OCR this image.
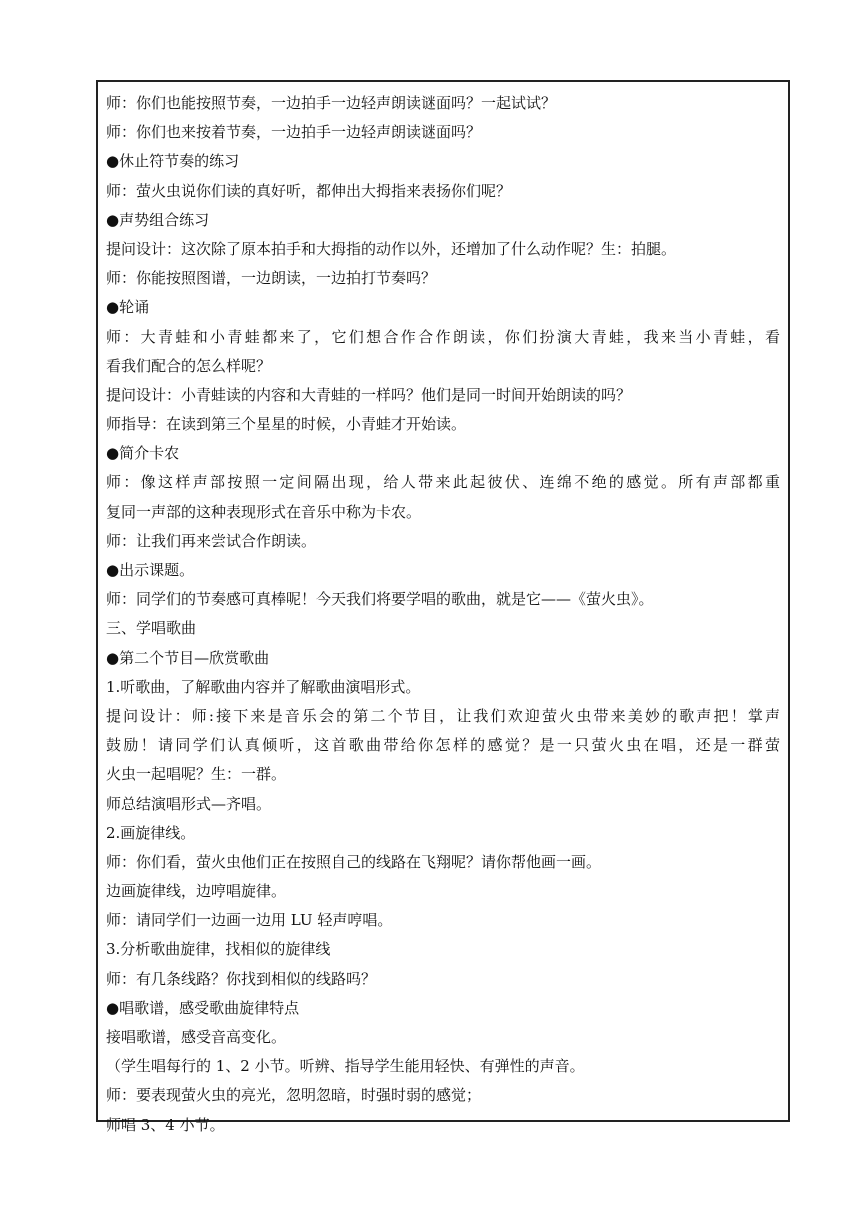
师：你们也能按照节奏，一边拍手一边轻声朗读谜面吗？一起试试？
师：你们也来按着节奏，一边拍手一边轻声朗读谜面吗？
●休止符节奏的练习
师：萤火虫说你们读的真好听，都伸出大拇指来表扬你们呢？
●声势组合练习
提问设计：这次除了原本拍手和大拇指的动作以外，还增加了什么动作呢？生：拍腿。
师：你能按照图谱，一边朗读，一边拍打节奏吗？
●轮诵
师：大青蛙和小青蛙都来了，它们想合作合作朗读，你们扮演大青蛙，我来当小青蛙，看
看我们配合的怎么样呢？
提问设计：小青蛙读的内容和大青蛙的一样吗？他们是同一时间开始朗读的吗？
师指导：在读到第三个星星的时候，小青蛙才开始读。
●简介卡农
师：像这样声部按照一定间隔出现，给人带来此起彼伏、连绵不绝的感觉。所有声部都重
复同一声部的这种表现形式在音乐中称为卡农。
师：让我们再来尝试合作朗读。
●出示课题。
师：同学们的节奏感可真棒呢！今天我们将要学唱的歌曲，就是它——《萤火虫》。
三、学唱歌曲
●第二个节目—欣赏歌曲
1.听歌曲，了解歌曲内容并了解歌曲演唱形式。
提问设计：师:接下来是音乐会的第二个节目，让我们欢迎萤火虫带来美妙的歌声把！掌声
鼓励！请同学们认真倾听，这首歌曲带给你怎样的感觉？是一只萤火虫在唱，还是一群萤
火虫一起唱呢？生：一群。
师总结演唱形式—齐唱。
2.画旋律线。
师：你们看，萤火虫他们正在按照自己的线路在飞翔呢？请你帮他画一画。
边画旋律线，边哼唱旋律。
师：请同学们一边画一边用 LU 轻声哼唱。
3.分析歌曲旋律，找相似的旋律线
师：有几条线路？你找到相似的线路吗？
●唱歌谱，感受歌曲旋律特点
接唱歌谱，感受音高变化。
（学生唱每行的 1、2 小节。听辨、指导学生能用轻快、有弹性的声音。
师：要表现萤火虫的亮光，忽明忽暗，时强时弱的感觉；
师唱 3、4 小节。
